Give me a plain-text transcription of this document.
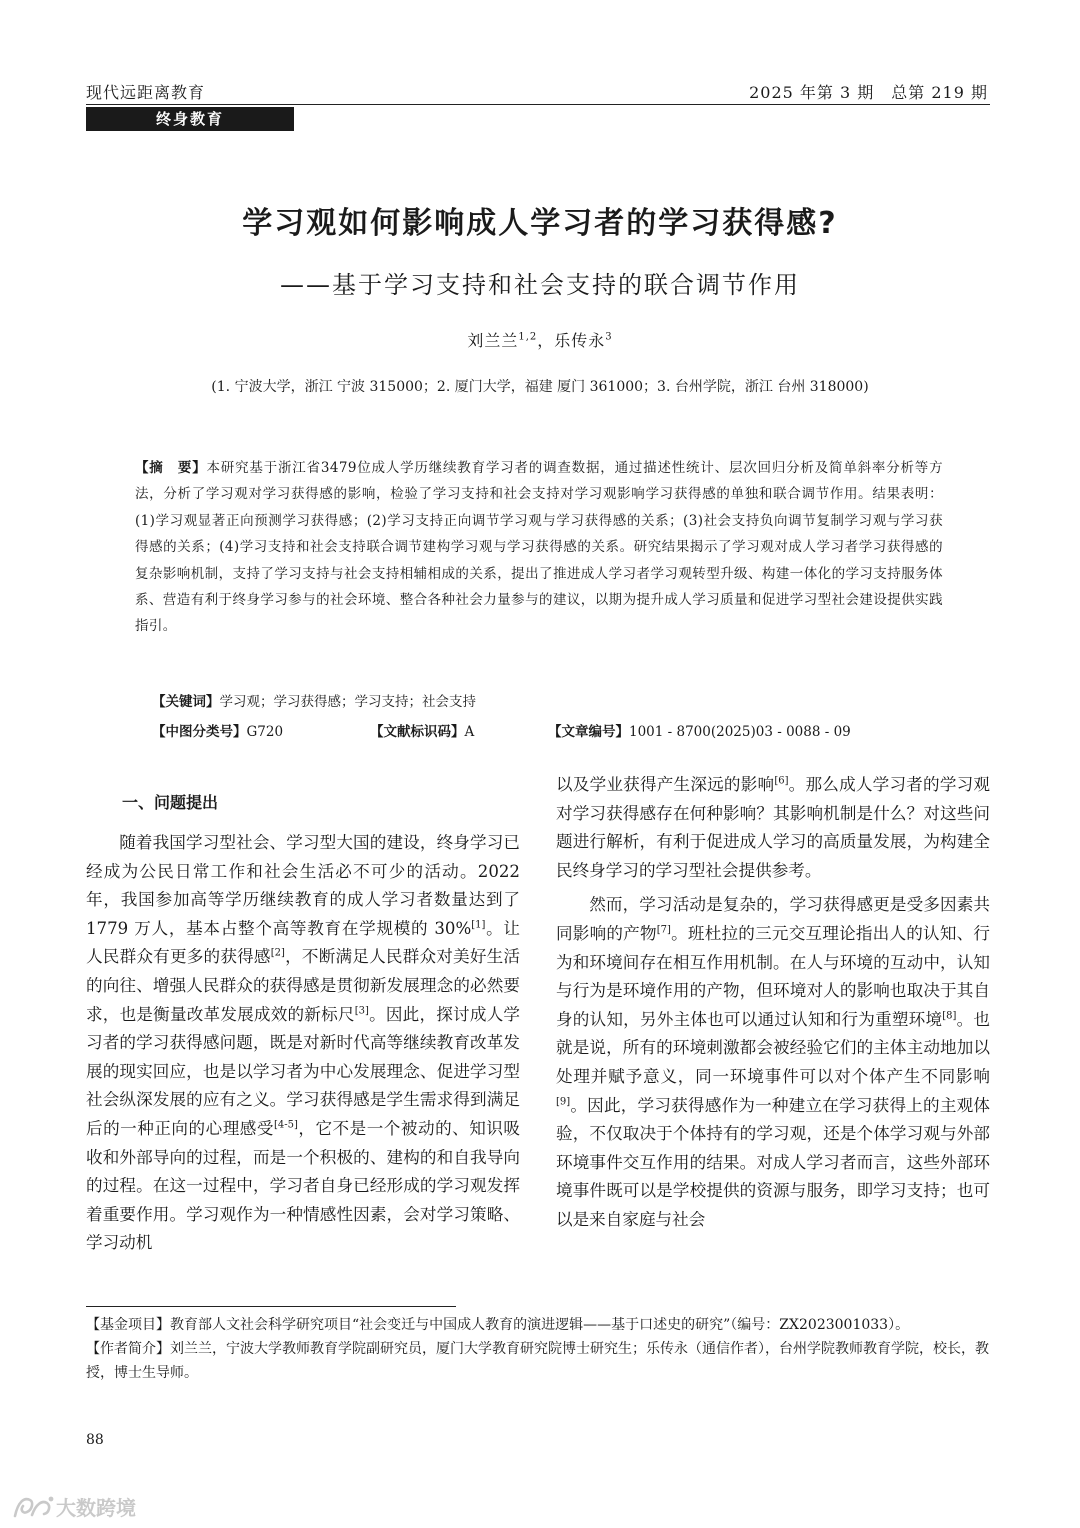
现代远距离教育	2025 年第 3 期　总第 219 期
终身教育
学习观如何影响成人学习者的学习获得感?
——基于学习支持和社会支持的联合调节作用
刘兰兰$^{1,2}$，乐传永$^3$
(1. 宁波大学，浙江 宁波 315000；2. 厦门大学，福建 厦门 361000；3. 台州学院，浙江 台州 318000)
【摘　要】本研究基于浙江省3479位成人学历继续教育学习者的调查数据，通过描述性统计、层次回归分析及简单斜率分析等方法，分析了学习观对学习获得感的影响，检验了学习支持和社会支持对学习观影响学习获得感的单独和联合调节作用。结果表明：(1)学习观显著正向预测学习获得感；(2)学习支持正向调节学习观与学习获得感的关系；(3)社会支持负向调节复制学习观与学习获得感的关系；(4)学习支持和社会支持联合调节建构学习观与学习获得感的关系。研究结果揭示了学习观对成人学习者学习获得感的复杂影响机制，支持了学习支持与社会支持相辅相成的关系，提出了推进成人学习者学习观转型升级、构建一体化的学习支持服务体系、营造有利于终身学习参与的社会环境、整合各种社会力量参与的建议，以期为提升成人学习质量和促进学习型社会建设提供实践指引。
【关键词】学习观；学习获得感；学习支持；社会支持
【中图分类号】G720	【文献标识码】A	【文章编号】1001 - 8700(2025)03 - 0088 - 09
一、问题提出

随着我国学习型社会、学习型大国的建设，终身学习已经成为公民日常工作和社会生活必不可少的活动。2022 年，我国参加高等学历继续教育的成人学习者数量达到了 1779 万人，基本占整个高等教育在学规模的 30%[1]。让人民群众有更多的获得感[2]，不断满足人民群众对美好生活的向往、增强人民群众的获得感是贯彻新发展理念的必然要求，也是衡量改革发展成效的新标尺[3]。因此，探讨成人学习者的学习获得感问题，既是对新时代高等继续教育改革发展的现实回应，也是以学习者为中心发展理念、促进学习型社会纵深发展的应有之义。学习获得感是学生需求得到满足后的一种正向的心理感受[4-5]，它不是一个被动的、知识吸收和外部导向的过程，而是一个积极的、建构的和自我导向的过程。在这一过程中，学习者自身已经形成的学习观发挥着重要作用。学习观作为一种情感性因素，会对学习策略、学习动机

以及学业获得产生深远的影响[6]。那么成人学习者的学习观对学习获得感存在何种影响？其影响机制是什么？对这些问题进行解析，有利于促进成人学习的高质量发展，为构建全民终身学习的学习型社会提供参考。

然而，学习活动是复杂的，学习获得感更是受多因素共同影响的产物[7]。班杜拉的三元交互理论指出人的认知、行为和环境间存在相互作用机制。在人与环境的互动中，认知与行为是环境作用的产物，但环境对人的影响也取决于其自身的认知，另外主体也可以通过认知和行为重塑环境[8]。也就是说，所有的环境刺激都会被经验它们的主体主动地加以处理并赋予意义，同一环境事件可以对个体产生不同影响[9]。因此，学习获得感作为一种建立在学习获得上的主观体验，不仅取决于个体持有的学习观，还是个体学习观与外部环境事件交互作用的结果。对成人学习者而言，这些外部环境事件既可以是学校提供的资源与服务，即学习支持；也可以是来自家庭与社会

【基金项目】教育部人文社会科学研究项目“社会变迁与中国成人教育的演进逻辑——基于口述史的研究”（编号：ZX2023001033）。

【作者简介】刘兰兰，宁波大学教师教育学院副研究员，厦门大学教育研究院博士研究生；乐传永（通信作者），台州学院教师教育学院，校长，教授，博士生导师。

88
大数跨境
